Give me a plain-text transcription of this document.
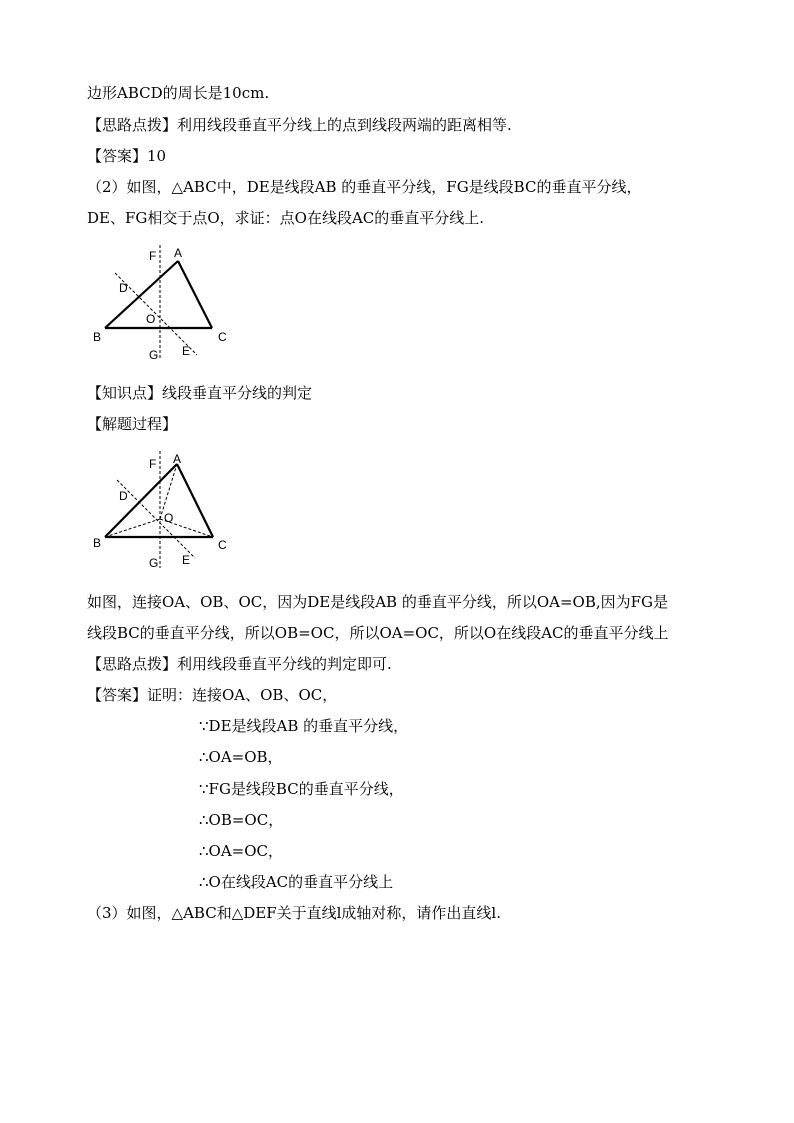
边形ABCD的周长是10cm.
【思路点拨】利用线段垂直平分线上的点到线段两端的距离相等.
【答案】10
（2）如图，△ABC中，DE是线段AB 的垂直平分线，FG是线段BC的垂直平分线，
DE、FG相交于点O，求证：点O在线段AC的垂直平分线上.
A
B	C
D
E
F
G
O
【知识点】线段垂直平分线的判定
【解题过程】
A
B	C
D
E
F
G
O
如图，连接OA、OB、OC，因为DE是线段AB 的垂直平分线，所以OA=OB,因为FG是
线段BC的垂直平分线，所以OB=OC，所以OA=OC，所以O在线段AC的垂直平分线上
【思路点拨】利用线段垂直平分线的判定即可.
【答案】证明：连接OA、OB、OC，
∵DE是线段AB 的垂直平分线，
∴OA=OB，
∵FG是线段BC的垂直平分线，
∴OB=OC，
∴OA=OC，
∴O在线段AC的垂直平分线上
（3）如图，△ABC和△DEF关于直线l成轴对称，请作出直线l.
